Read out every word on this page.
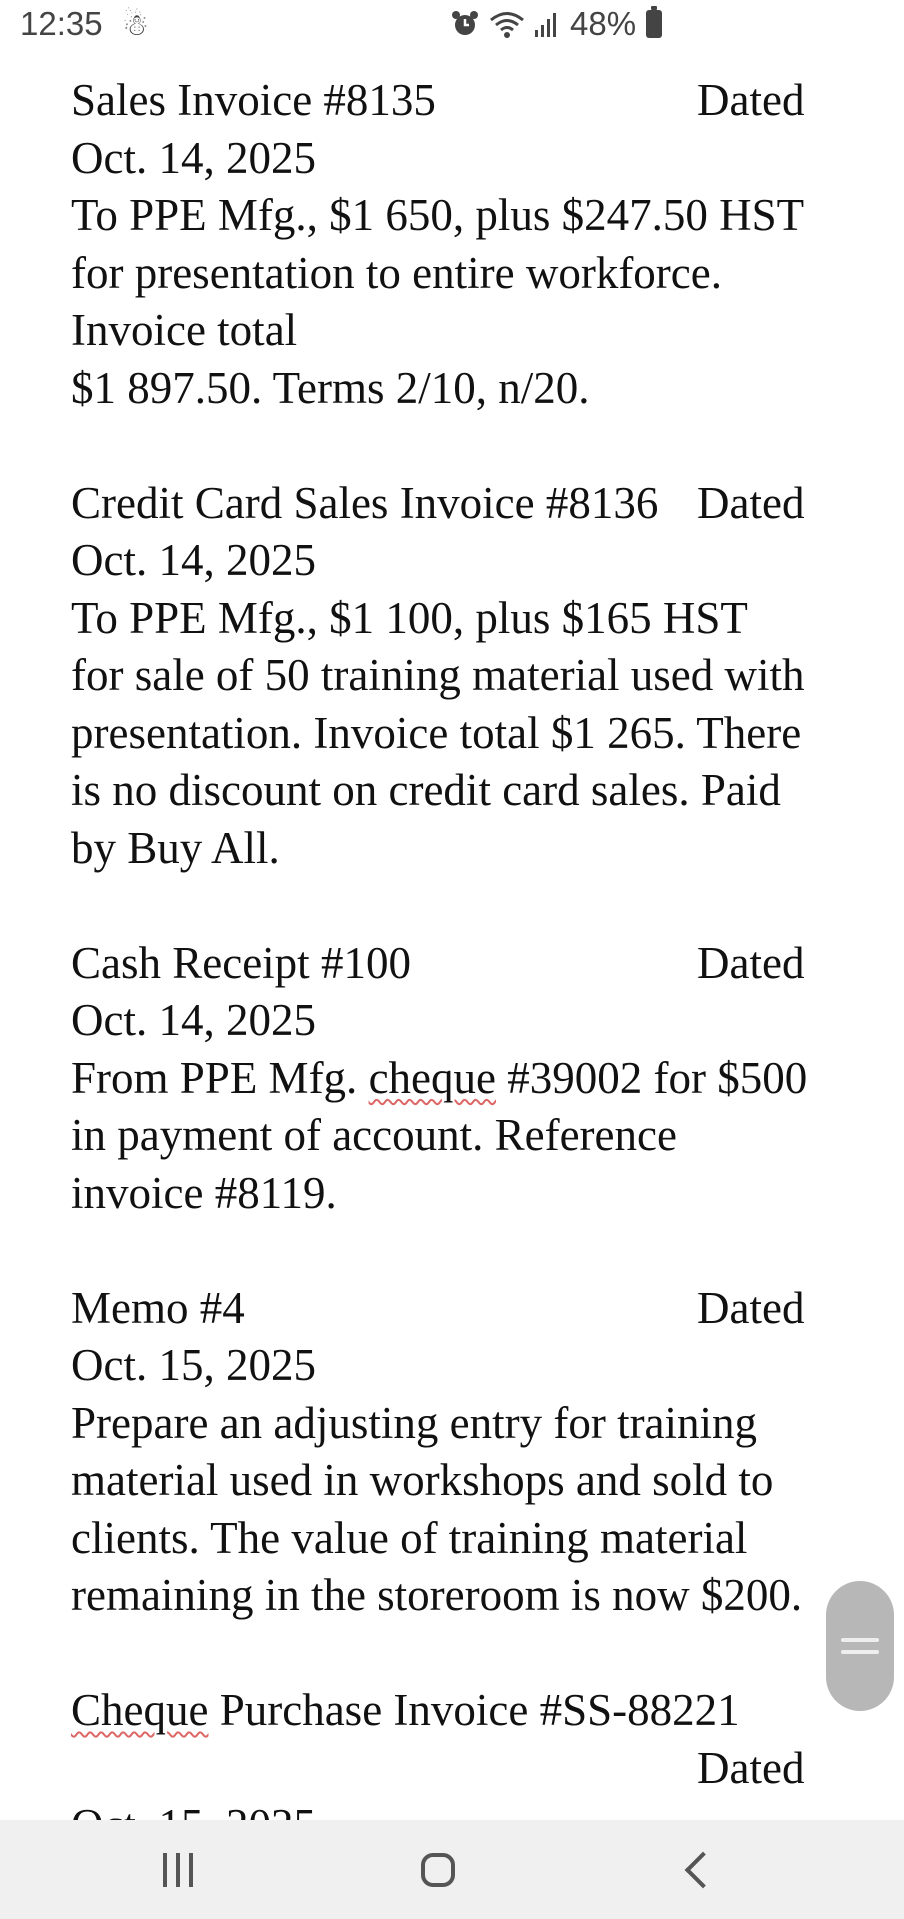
12:35 ☃	48%
Sales Invoice #8135	Dated
Oct. 14, 2025
To PPE Mfg., $1 650, plus $247.50 HST
for presentation to entire workforce.
Invoice total
$1 897.50. Terms 2/10, n/20.
Credit Card Sales Invoice #8136 Dated
Oct. 14, 2025
To PPE Mfg., $1 100, plus $165 HST
for sale of 50 training material used with
presentation. Invoice total $1 265. There
is no discount on credit card sales. Paid
by Buy All.
Cash Receipt #100	Dated
Oct. 14, 2025
From PPE Mfg. cheque #39002 for $500
in payment of account. Reference
invoice #8119.
Memo #4	Dated
Oct. 15, 2025
Prepare an adjusting entry for training
material used in workshops and sold to
clients. The value of training material
remaining in the storeroom is now $200.
Cheque Purchase Invoice #SS-88221
Dated
